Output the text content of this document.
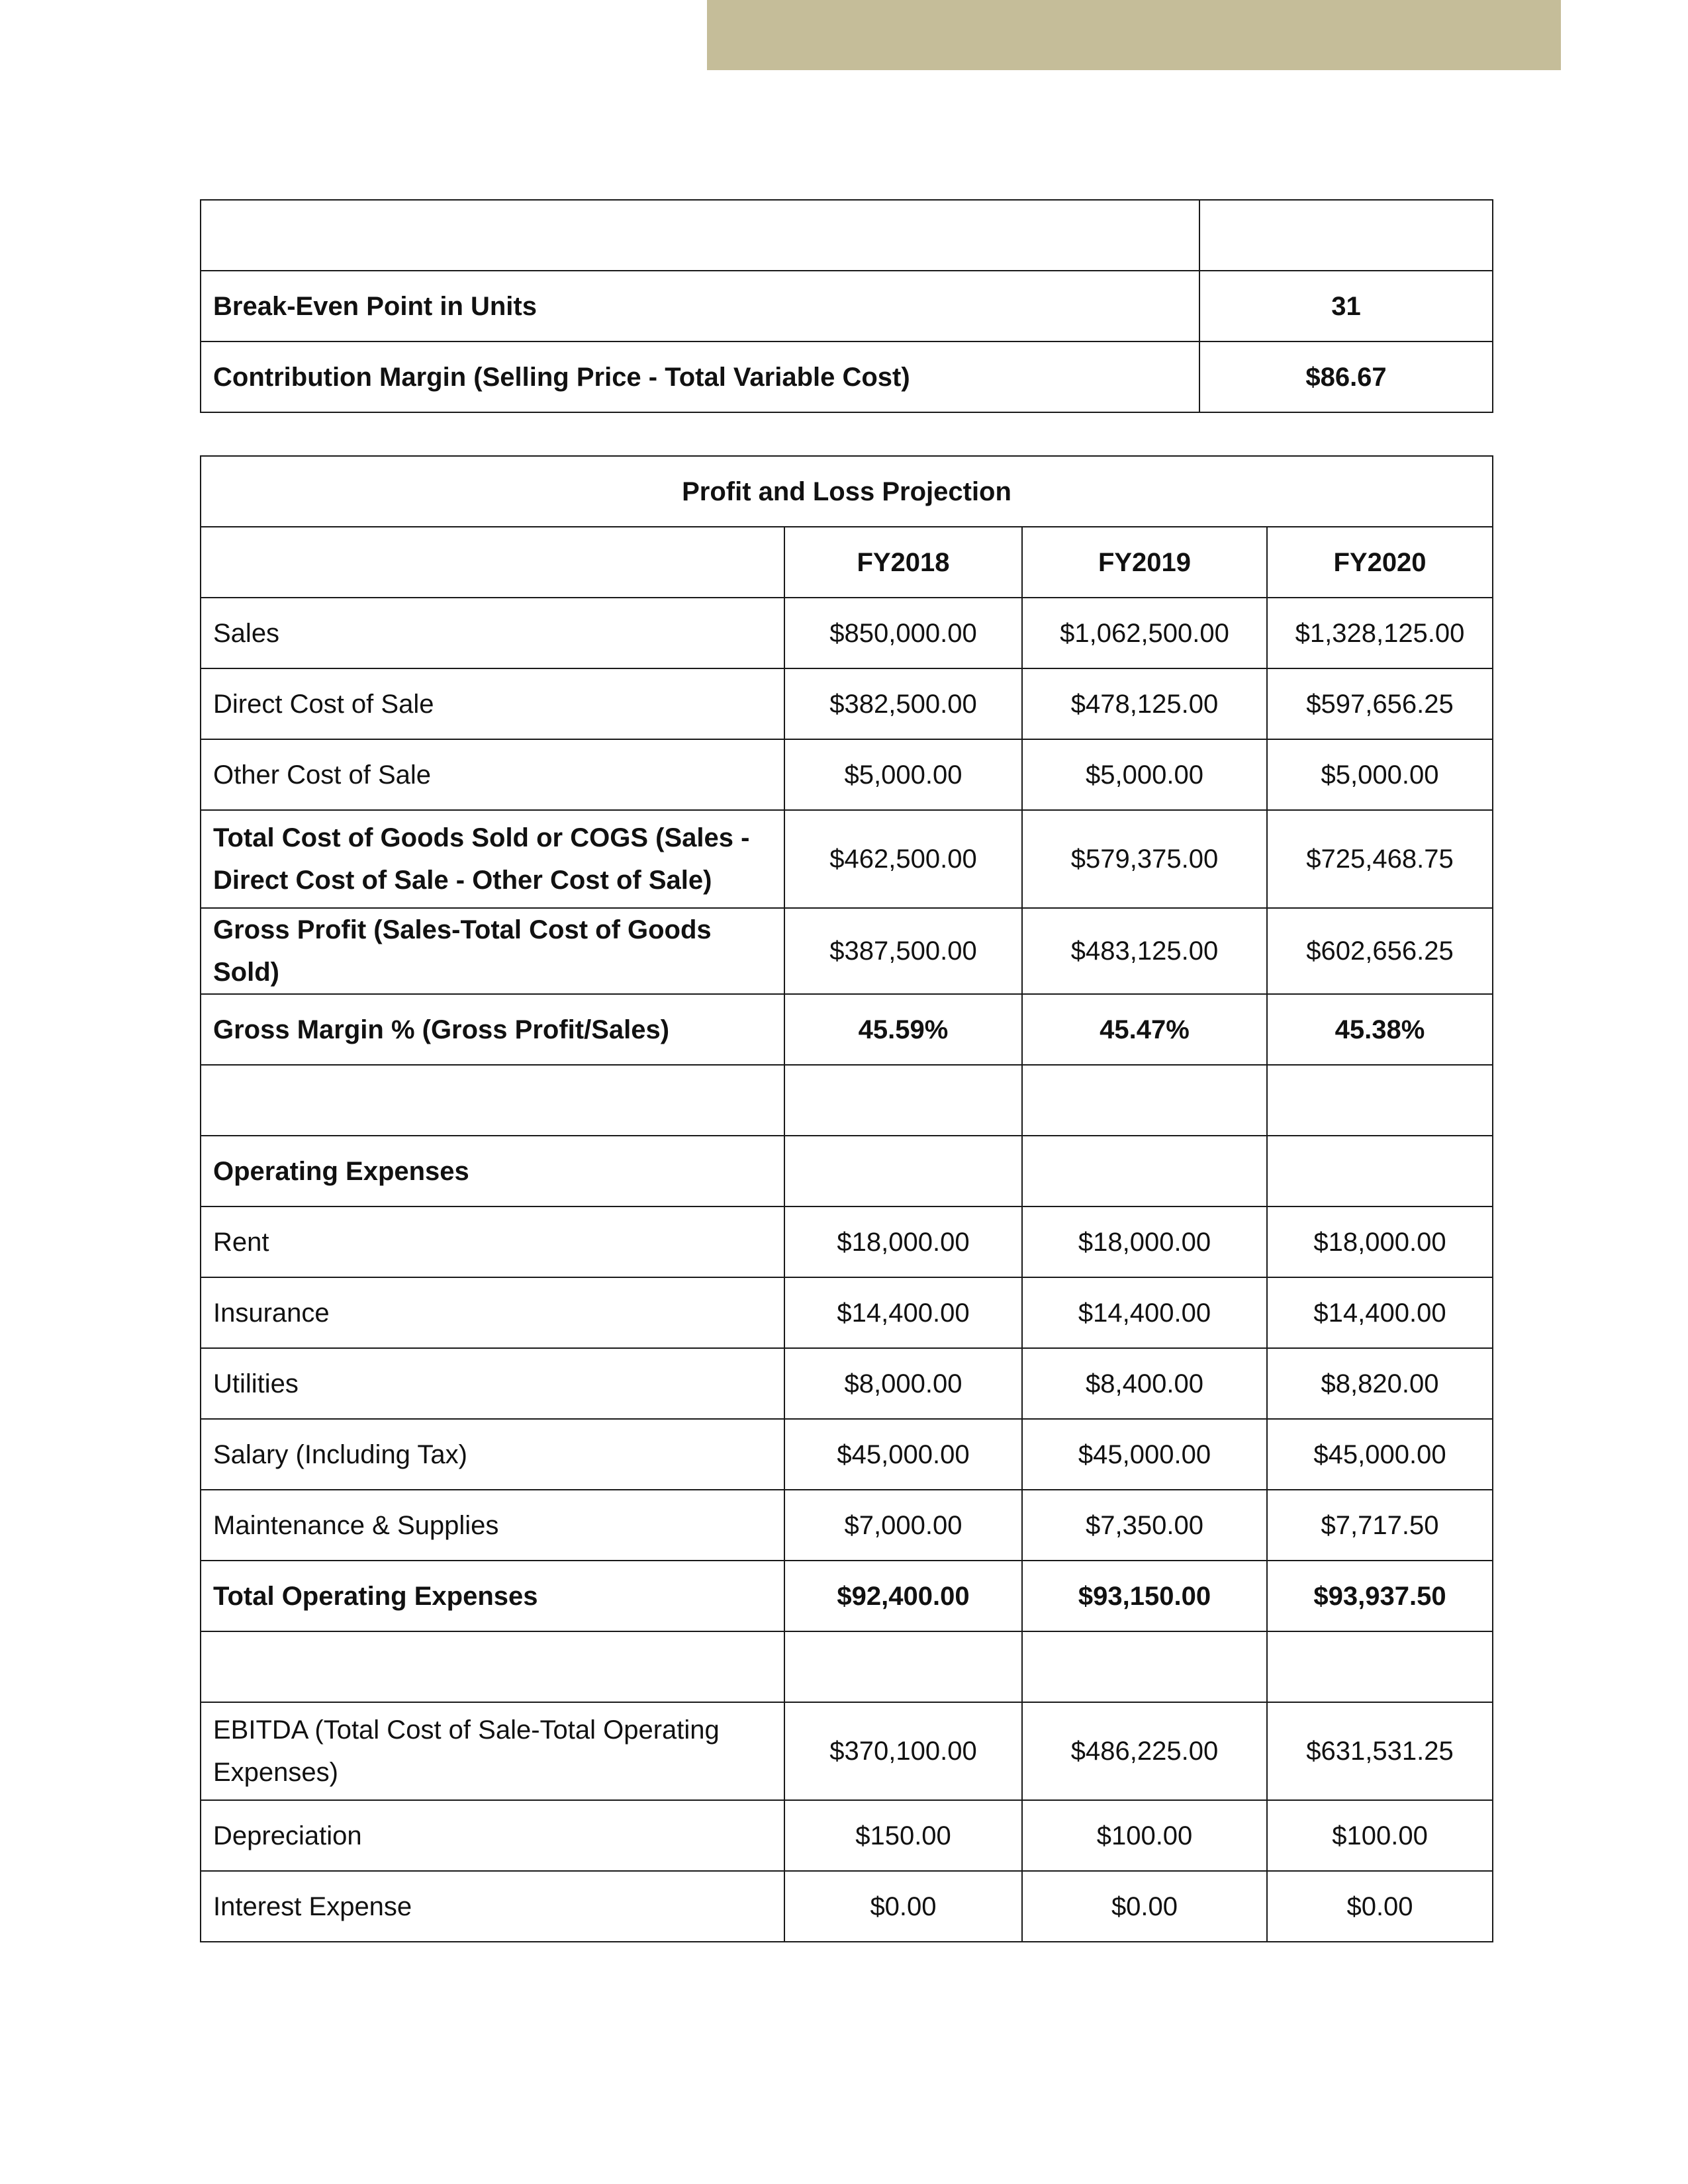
Break-Even Point in Units	31
Contribution Margin (Selling Price - Total Variable Cost)	$86.67
Profit and Loss Projection			
	FY2018	FY2019	FY2020
Sales	$850,000.00	$1,062,500.00	$1,328,125.00
Direct Cost of Sale	$382,500.00	$478,125.00	$597,656.25
Other Cost of Sale	$5,000.00	$5,000.00	$5,000.00
Total Cost of Goods Sold or COGS (Sales - Direct Cost of Sale - Other Cost of Sale)	$462,500.00	$579,375.00	$725,468.75
Gross Profit (Sales-Total Cost of Goods Sold)	$387,500.00	$483,125.00	$602,656.25
Gross Margin % (Gross Profit/Sales)	45.59%	45.47%	45.38%

Operating Expenses			
Rent	$18,000.00	$18,000.00	$18,000.00
Insurance	$14,400.00	$14,400.00	$14,400.00
Utilities	$8,000.00	$8,400.00	$8,820.00
Salary (Including Tax)	$45,000.00	$45,000.00	$45,000.00
Maintenance & Supplies	$7,000.00	$7,350.00	$7,717.50
Total Operating Expenses	$92,400.00	$93,150.00	$93,937.50

EBITDA (Total Cost of Sale-Total Operating Expenses)	$370,100.00	$486,225.00	$631,531.25
Depreciation	$150.00	$100.00	$100.00
Interest Expense	$0.00	$0.00	$0.00
